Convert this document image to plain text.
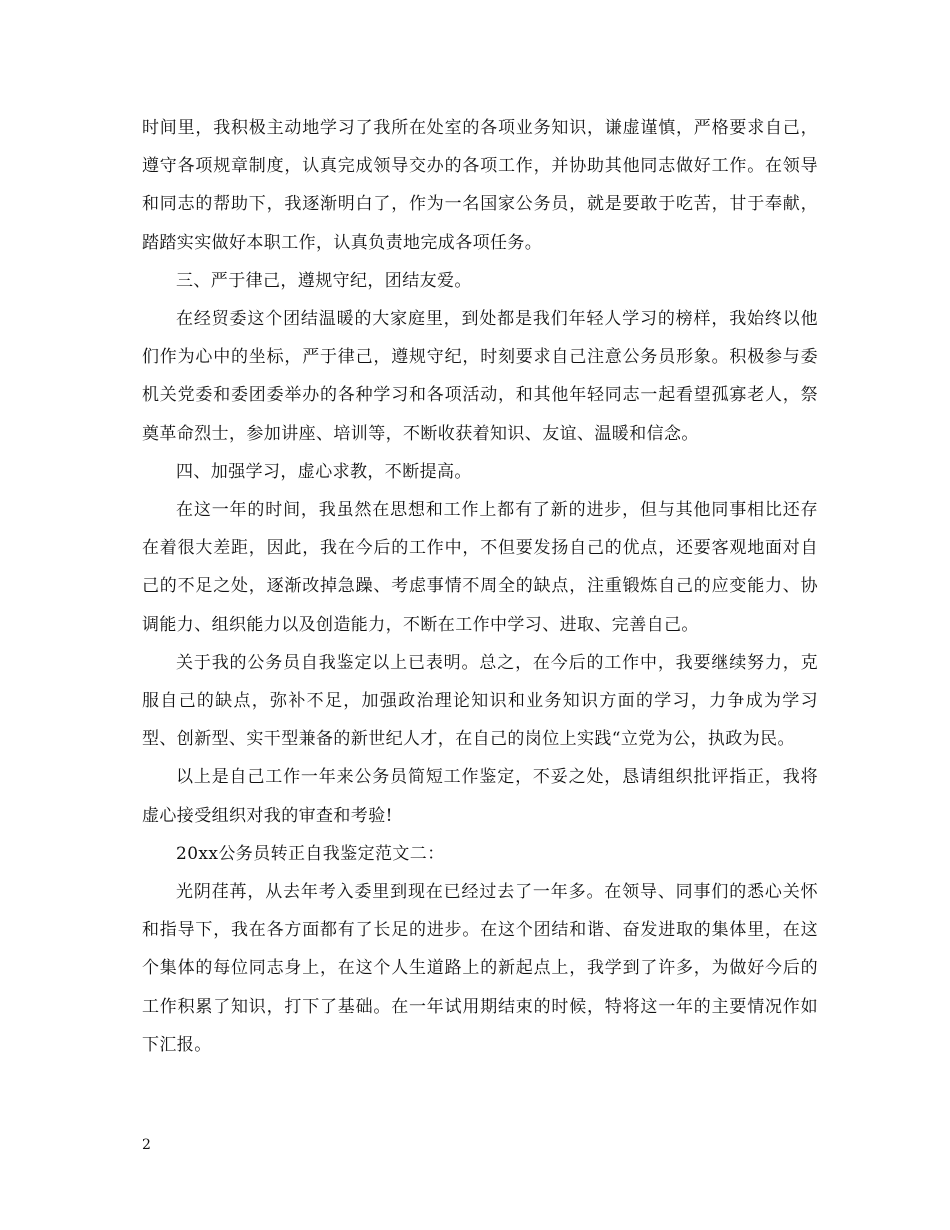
时间里，我积极主动地学习了我所在处室的各项业务知识，谦虚谨慎，严格要求自己，遵守各项规章制度，认真完成领导交办的各项工作，并协助其他同志做好工作。在领导和同志的帮助下，我逐渐明白了，作为一名国家公务员，就是要敢于吃苦，甘于奉献，踏踏实实做好本职工作，认真负责地完成各项任务。

三、严于律己，遵规守纪，团结友爱。

在经贸委这个团结温暖的大家庭里，到处都是我们年轻人学习的榜样，我始终以他们作为心中的坐标，严于律己，遵规守纪，时刻要求自己注意公务员形象。积极参与委机关党委和委团委举办的各种学习和各项活动，和其他年轻同志一起看望孤寡老人，祭奠革命烈士，参加讲座、培训等，不断收获着知识、友谊、温暖和信念。

四、加强学习，虚心求教，不断提高。

在这一年的时间，我虽然在思想和工作上都有了新的进步，但与其他同事相比还存在着很大差距，因此，我在今后的工作中，不但要发扬自己的优点，还要客观地面对自己的不足之处，逐渐改掉急躁、考虑事情不周全的缺点，注重锻炼自己的应变能力、协调能力、组织能力以及创造能力，不断在工作中学习、进取、完善自己。

关于我的公务员自我鉴定以上已表明。总之，在今后的工作中，我要继续努力，克服自己的缺点，弥补不足，加强政治理论知识和业务知识方面的学习，力争成为学习型、创新型、实干型兼备的新世纪人才，在自己的岗位上实践“立党为公，执政为民。

以上是自己工作一年来公务员简短工作鉴定，不妥之处，恳请组织批评指正，我将虚心接受组织对我的审查和考验!

20xx公务员转正自我鉴定范文二：

光阴荏苒，从去年考入委里到现在已经过去了一年多。在领导、同事们的悉心关怀和指导下，我在各方面都有了长足的进步。在这个团结和谐、奋发进取的集体里，在这个集体的每位同志身上，在这个人生道路上的新起点上，我学到了许多，为做好今后的工作积累了知识，打下了基础。在一年试用期结束的时候，特将这一年的主要情况作如下汇报。

2
